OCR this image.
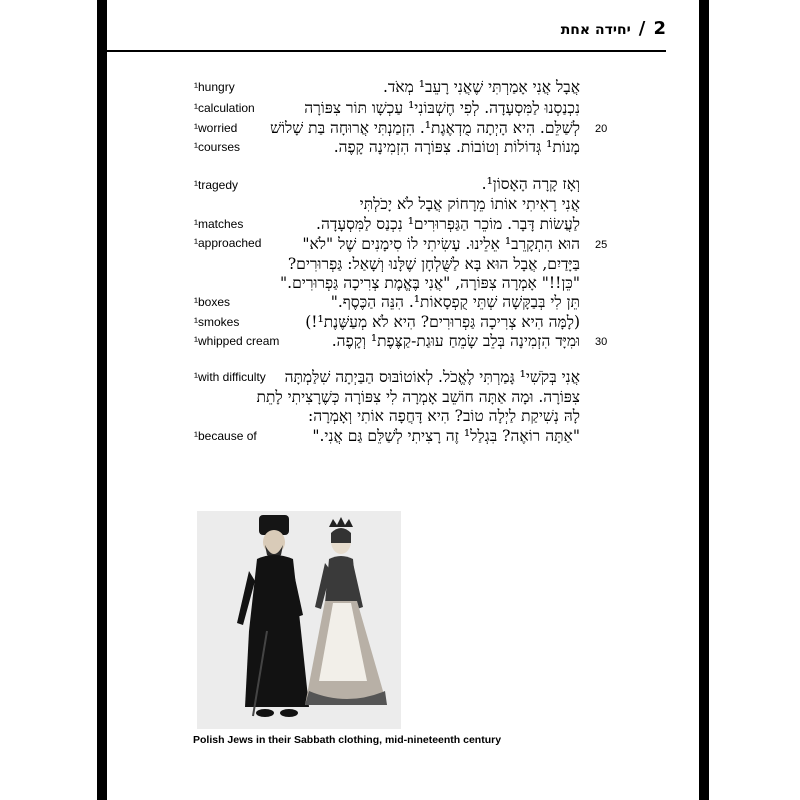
2 / יחידה אחת
אֲבָל אֲנִי אָמַרְתִּי שֶׁאֲנִי רָעֵב¹ מְאֹד.
¹hungry
נִכְנַסְנוּ לַמִּסְעָדָה. לְפִי חֶשְׁבּוֹנִי¹ עַכְשָׁו תּוֹר צִפּוֹרָה
¹calculation
לְשַׁלֵּם. הִיא הָיְתָה מֻדְאֶגֶת¹. הִזְמַנְתִּי אֲרוּחָה בַּת שָׁלוֹשׁ
¹worried	20
מָנוֹת¹ גְּדוֹלוֹת וְטוֹבוֹת. צִפּוֹרָה הִזְמִינָה קָפֶה.
¹courses
וְאָז קָרָה הָאָסוֹן¹.
¹tragedy
אֲנִי רָאִיתִי אוֹתוֹ מֵרָחוֹק אֲבָל לֹא יָכֹלְתִּי
לַעֲשׂוֹת דָּבָר. מוֹכֵר הַגַּפְרוּרִים¹ נִכְנַס לַמִּסְעָדָה.
¹matches
הוּא הִתְקָרֵב¹ אֵלֵינוּ. עָשִׂיתִי לוֹ סִימָנִים שֶׁל "לֹא"
¹approached	25
בַּיָּדַיִם, אֲבָל הוּא בָּא לַשֻּׁלְחָן שֶׁלָּנוּ וְשָׁאַל: גַּפְרוּרִים?
"כֵּן!!" אָמְרָה צִפּוֹרָה, "אֲנִי בֶּאֱמֶת צְרִיכָה גַּפְרוּרִים."
תֵּן לִי בְּבַקָּשָׁה שְׁתֵּי קֻפְסָאוֹת¹. הִנֵּה הַכֶּסֶף."
¹boxes
(לָמָּה הִיא צְרִיכָה גַּפְרוּרִים? הִיא לֹא מְעַשֶּׁנֶת¹!)
¹smokes
וּמִיָּד הִזְמִינָה בְּלֵב שָׂמֵחַ עוּגַת-קַצֶּפֶת¹ וְקָפֶה.
¹whipped cream	30
אֲנִי בְּקֹשִׁי¹ גָּמַרְתִּי לֶאֱכֹל. לְאוֹטוֹבּוּס הַבַּיְתָה שִׁלַּמְתָּה
¹with difficulty
צִפּוֹרָה. וּמָה אַתָּה חוֹשֵׁב אָמְרָה לִי צִפּוֹרָה כְּשֶׁרָצִיתִי לָתֵת
לָהּ נְשִׁיקַת לַיְלָה טוֹב? הִיא דָּחֲפָה אוֹתִי וְאָמְרָה:
"אַתָּה רוֹאֶה? בִּגְלַל¹ זֶה רָצִיתִי לְשַׁלֵּם גַּם אֲנִי."
¹because of
Polish Jews in their Sabbath clothing, mid-nineteenth century
